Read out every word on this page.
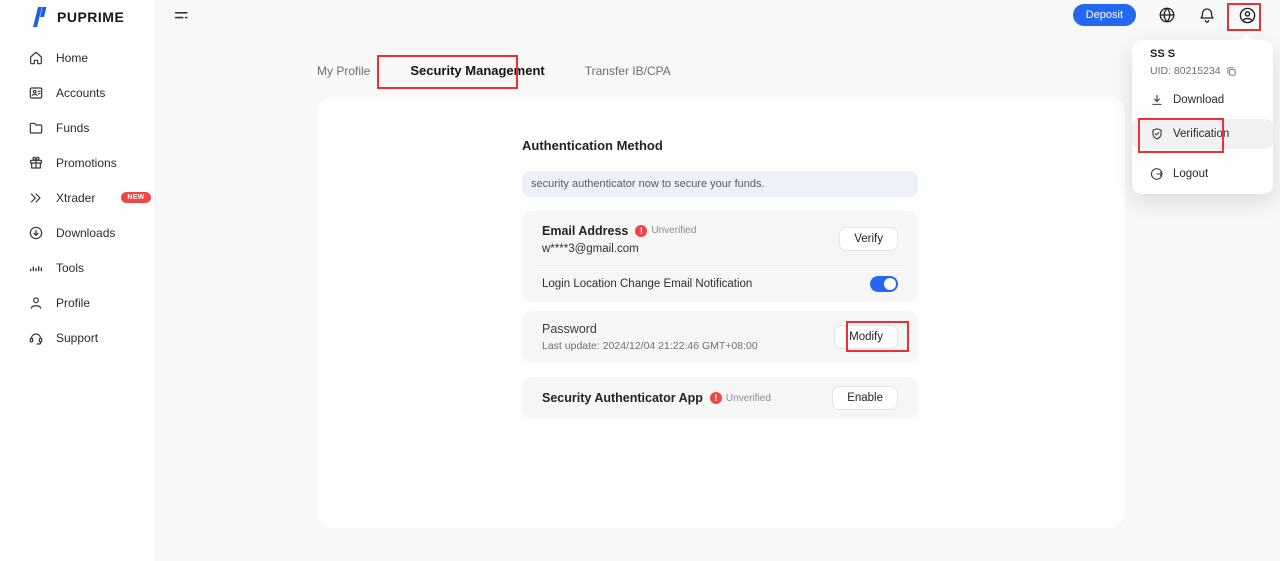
PUPRIME
Home
Accounts
Funds
Promotions
Xtrader	NEW
Downloads
Tools
Profile
Support
Deposit
My Profile	Security Management	Transfer IB/CPA
Authentication Method
security authenticator now to secure your funds.
Email Address	! Unverified
w****3@gmail.com
Verify
Login Location Change Email Notification
Password
Last update: 2024/12/04 21:22:46 GMT+08:00
Modify
Security Authenticator App	! Unverified	Enable
SS S
UID: 80215234
Download
Verification
Logout
